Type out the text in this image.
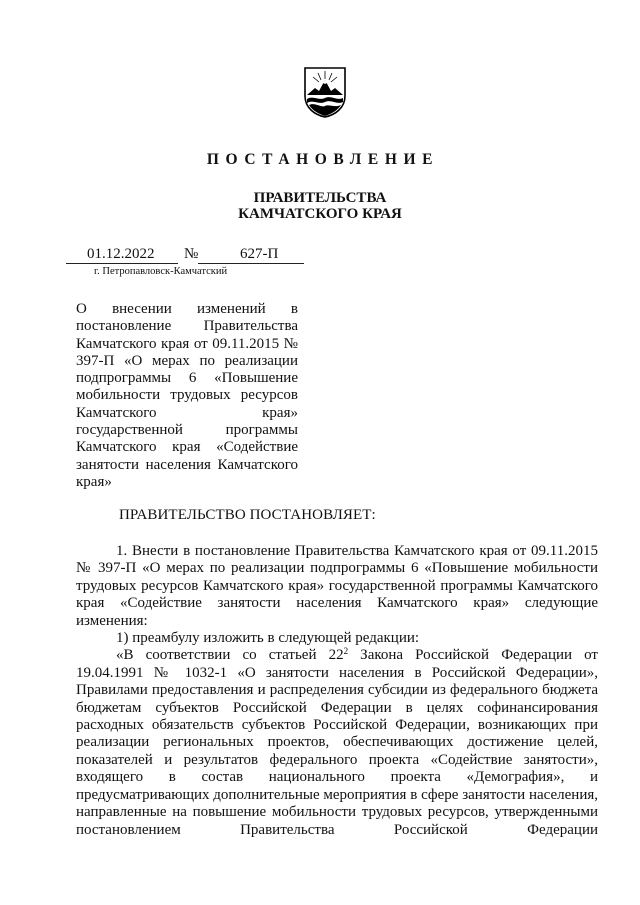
ПОСТАНОВЛЕНИЕ
ПРАВИТЕЛЬСТВА
КАМЧАТСКОГО КРАЯ
01.12.2022 №	627-П
г. Петропавловск-Камчатский
О внесении изменений в постановление Правительства Камчатского края от 09.11.2015 № 397-П «О мерах по реализации подпрограммы 6 «Повышение мобильности трудовых ресурсов Камчатского края» государственной программы Камчатского края «Содействие занятости населения Камчатского
края»
ПРАВИТЕЛЬСТВО ПОСТАНОВЛЯЕТ:

1. Внести в постановление Правительства Камчатского края от 09.11.2015 № 397-П «О мерах по реализации подпрограммы 6 «Повышение мобильности трудовых ресурсов Камчатского края» государственной программы Камчатского края «Содействие занятости населения Камчатского края» следующие изменения:

1) преамбулу изложить в следующей редакции:

«В соответствии со статьей $22^2$ Закона Российской Федерации от 19.04.1991 № 1032-1 «О занятости населения в Российской Федерации», Правилами предоставления и распределения субсидии из федерального бюджета бюджетам субъектов Российской Федерации в целях софинансирования расходных обязательств субъектов Российской Федерации, возникающих при реализации региональных проектов, обеспечивающих достижение целей, показателей и результатов федерального проекта «Содействие занятости», входящего в состав национального проекта «Демография», и предусматривающих дополнительные мероприятия в сфере занятости населения, направленные на повышение мобильности трудовых ресурсов, утвержденными постановлением Правительства Российской Федерации
